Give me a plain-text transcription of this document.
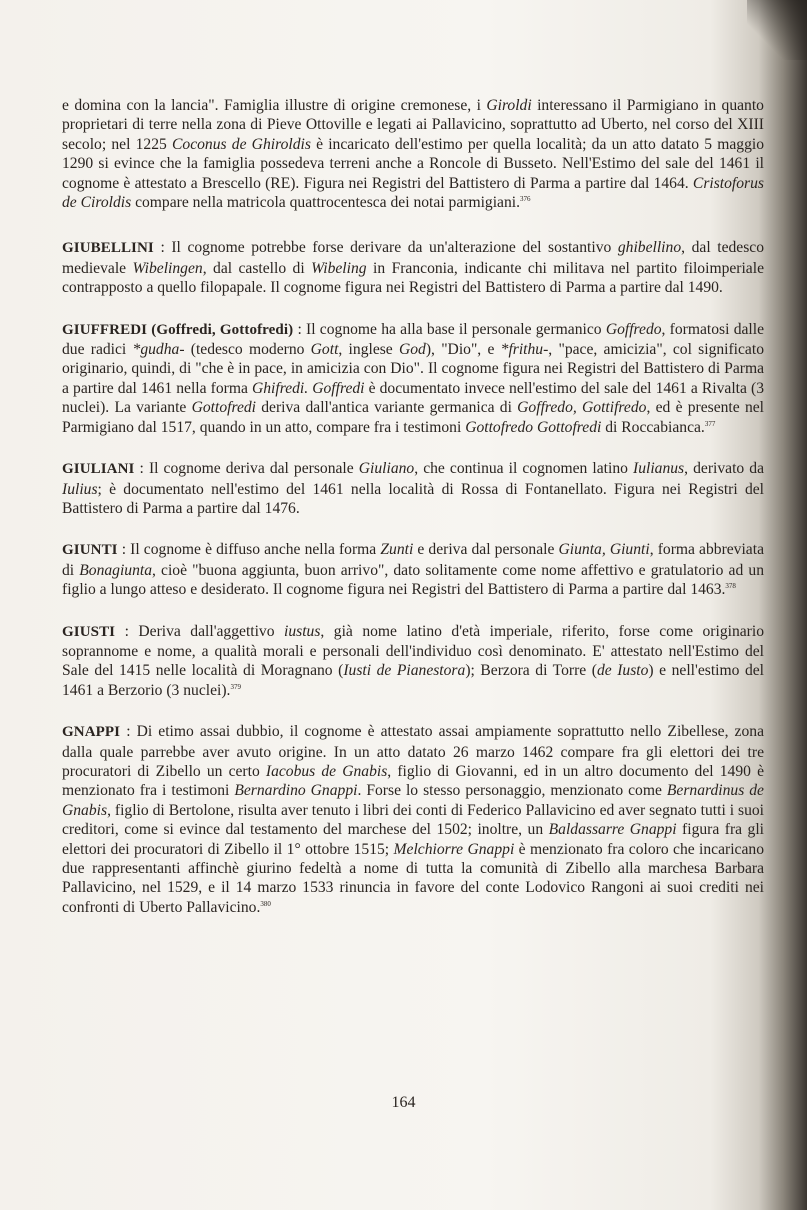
e domina con la lancia". Famiglia illustre di origine cremonese, i Giroldi interessano il Parmigiano in quanto proprietari di terre nella zona di Pieve Ottoville e legati ai Pallavicino, soprattutto ad Uberto, nel corso del XIII secolo; nel 1225 Coconus de Ghiroldis è incaricato dell'estimo per quella località; da un atto datato 5 maggio 1290 si evince che la famiglia possedeva terreni anche a Roncole di Busseto. Nell'Estimo del sale del 1461 il cognome è attestato a Brescello (RE). Figura nei Registri del Battistero di Parma a partire dal 1464. Cristoforus de Ciroldis compare nella matricola quattrocentesca dei notai parmigiani.$^{376}$

GIUBELLINI : Il cognome potrebbe forse derivare da un'alterazione del sostantivo ghibellino, dal tedesco medievale Wibelingen, dal castello di Wibeling in Franconia, indicante chi militava nel partito filoimperiale contrapposto a quello filopapale. Il cognome figura nei Registri del Battistero di Parma a partire dal 1490.

GIUFFREDI (Goffredi, Gottofredi) : Il cognome ha alla base il personale germanico Goffredo, formatosi dalle due radici *gudha- (tedesco moderno Gott, inglese God), "Dio", e *frithu-, "pace, amicizia", col significato originario, quindi, di "che è in pace, in amicizia con Dio". Il cognome figura nei Registri del Battistero di Parma a partire dal 1461 nella forma Ghifredi. Goffredi è documentato invece nell'estimo del sale del 1461 a Rivalta (3 nuclei). La variante Gottofredi deriva dall'antica variante germanica di Goffredo, Gottifredo, ed è presente nel Parmigiano dal 1517, quando in un atto, compare fra i testimoni Gottofredo Gottofredi di Roccabianca.$^{377}$

GIULIANI : Il cognome deriva dal personale Giuliano, che continua il cognomen latino Iulianus, derivato da Iulius; è documentato nell'estimo del 1461 nella località di Rossa di Fontanellato. Figura nei Registri del Battistero di Parma a partire dal 1476.

GIUNTI : Il cognome è diffuso anche nella forma Zunti e deriva dal personale Giunta, Giunti, forma abbreviata di Bonagiunta, cioè "buona aggiunta, buon arrivo", dato solitamente come nome affettivo e gratulatorio ad un figlio a lungo atteso e desiderato. Il cognome figura nei Registri del Battistero di Parma a partire dal 1463.$^{378}$

GIUSTI : Deriva dall'aggettivo iustus, già nome latino d'età imperiale, riferito, forse come originario soprannome e nome, a qualità morali e personali dell'individuo così denominato. E' attestato nell'Estimo del Sale del 1415 nelle località di Moragnano (Iusti de Pianestora); Berzora di Torre (de Iusto) e nell'estimo del 1461 a Berzorio (3 nuclei).$^{379}$

GNAPPI : Di etimo assai dubbio, il cognome è attestato assai ampiamente soprattutto nello Zibellese, zona dalla quale parrebbe aver avuto origine. In un atto datato 26 marzo 1462 compare fra gli elettori dei tre procuratori di Zibello un certo Iacobus de Gnabis, figlio di Giovanni, ed in un altro documento del 1490 è menzionato fra i testimoni Bernardino Gnappi. Forse lo stesso personaggio, menzionato come Bernardinus de Gnabis, figlio di Bertolone, risulta aver tenuto i libri dei conti di Federico Pallavicino ed aver segnato tutti i suoi creditori, come si evince dal testamento del marchese del 1502; inoltre, un Baldassarre Gnappi figura fra gli elettori dei procuratori di Zibello il 1° ottobre 1515; Melchiorre Gnappi è menzionato fra coloro che incaricano due rappresentanti affinchè giurino fedeltà a nome di tutta la comunità di Zibello alla marchesa Barbara Pallavicino, nel 1529, e il 14 marzo 1533 rinuncia in favore del conte Lodovico Rangoni ai suoi crediti nei confronti di Uberto Pallavicino.$^{380}$

164
